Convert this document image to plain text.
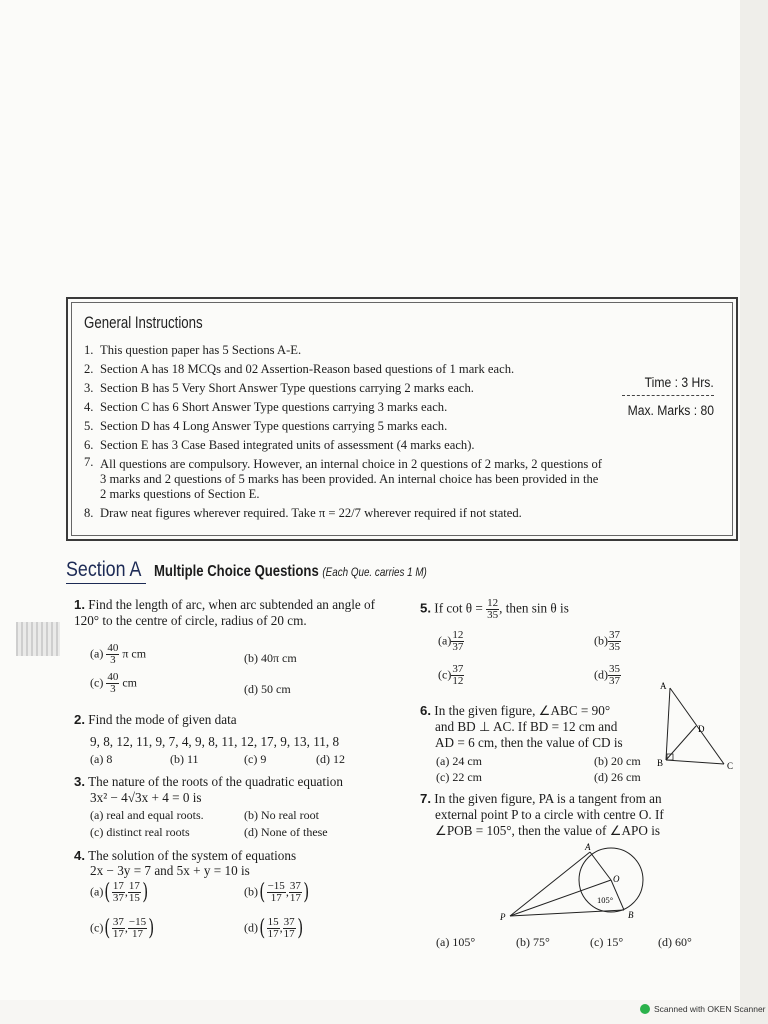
General Instructions
1. This question paper has 5 Sections A-E.
2. Section A has 18 MCQs and 02 Assertion-Reason based questions of 1 mark each.
3. Section B has 5 Very Short Answer Type questions carrying 2 marks each.
4. Section C has 6 Short Answer Type questions carrying 3 marks each.
5. Section D has 4 Long Answer Type questions carrying 5 marks each.
6. Section E has 3 Case Based integrated units of assessment (4 marks each).
7. All questions are compulsory. However, an internal choice in 2 questions of 2 marks, 2 questions of 3 marks and 2 questions of 5 marks has been provided. An internal choice has been provided in the 2 marks questions of Section E.
8. Draw neat figures wherever required. Take π = 22/7 wherever required if not stated.
Time : 3 Hrs.
Max. Marks : 80
Section A Multiple Choice Questions (Each Que. carries 1 M)
1. Find the length of arc, when arc subtended an angle of 120° to the centre of circle, radius of 20 cm.
$(a) \frac{40}{3}$ π cm	(b) 40π cm
$(c) \frac{40}{3}$ cm	(d) 50 cm
2. Find the mode of given data
9, 8, 12, 11, 9, 7, 4, 9, 8, 11, 12, 17, 9, 13, 11, 8
(a) 8	(b) 11	(c) 9	(d) 12
3. The nature of the roots of the quadratic equation
3x² − 4√3x + 4 = 0 is
(a) real and equal roots.	(b) No real root
(c) distinct real roots	(d) None of these
4. The solution of the system of equations
2x − 3y = 7 and 5x + y = 10 is
$(a)( \frac{17}{37}$ , $\frac{17}{15}$ )	$(b)( \frac{-15}{17}$ , $\frac{37}{17}$ )
$(c)( \frac{37}{17}$ , $\frac{-15}{17}$ )	$(d)( \frac{15}{17}$ , $\frac{37}{17}$ )
5. If $\cot \theta = \frac{12}{35}$ , then sin θ is
$(a) \frac{12}{37}$	$(b) \frac{37}{35}$
$(c) \frac{37}{12}$	$(d) \frac{35}{37}$
6. In the given figure, ∠ABC = 90°
and BD ⊥ AC. If BD = 12 cm and
AD = 6 cm, then the value of CD is
(a) 24 cm	(b) 20 cm
(c) 22 cm	(d) 26 cm
A
B	C
D
7. In the given figure, PA is a tangent from an
external point P to a circle with centre O. If
∠POB = 105°, then the value of ∠APO is
A
O
B
P
105°
(a) 105°	(b) 75°	(c) 15°	(d) 60°
Scanned with OKEN Scanner
